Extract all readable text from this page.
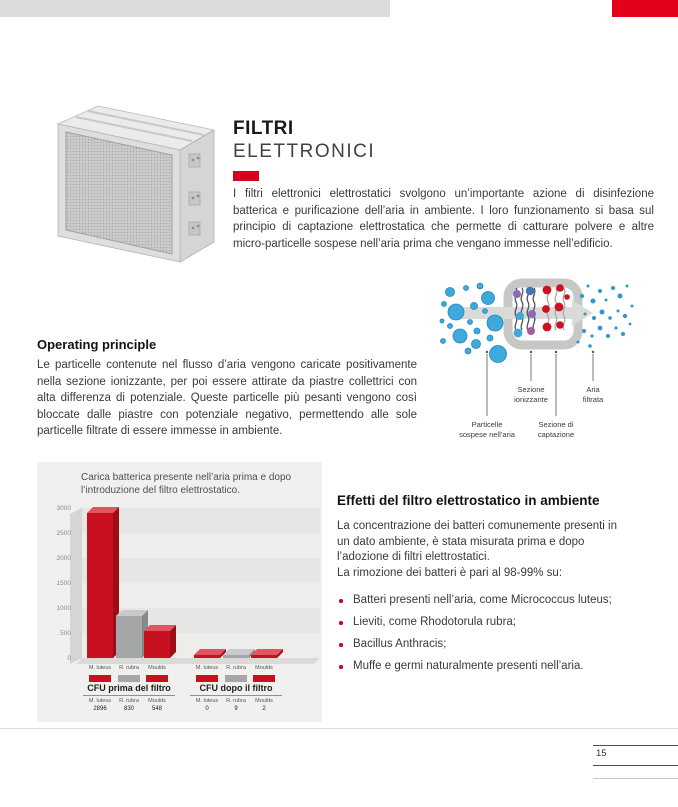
FILTRI
ELETTRONICI
I filtri elettronici elettrostatici svolgono un’importante azione di disinfezione batterica e purificazione dell’aria in ambiente. I loro funzionamento si basa sul principio di captazione elettrostatica che permette di catturare polvere e altre micro-particelle sospese nell’aria prima che vengano immesse nell’edificio.
Sezione
ionizzante
Aria
filtrata
Particelle
sospese nell’aria
Sezione di
captazione
Operating principle
Le particelle contenute nel flusso d’aria vengono caricate positivamente nella sezione ionizzante, per poi essere attirate da piastre collettrici con alta differenza di potenziale. Queste particelle più pesanti vengono così bloccate dalle piastre con potenziale negativo, permettendo alle sole particelle filtrate di essere immesse in ambiente.
Carica batterica presente nell’aria prima e dopo l’introduzione del filtro elettrostatico.
3000
2500
2000
1500
1000
500
0
M. luteus	R. rubra	Moulds	M. luteus	R. rubra	Moulds
CFU prima del filtro	CFU dopo il filtro
M. luteus
2896
R. rubra
830
Moulds
548
M. luteus
0
R. rubra
9
Moulds
2
Effetti del filtro elettrostatico in ambiente
La concentrazione dei batteri comunemente presenti in un dato ambiente, è stata misurata prima e dopo l’adozione di filtri elettrostatici.
La rimozione dei batteri è pari al 98-99% su:
Batteri presenti nell’aria, come Micrococcus luteus;
Lieviti, come Rhodotorula rubra;
Bacillus Anthracis;
Muffe e germi naturalmente presenti nell’aria.
15
